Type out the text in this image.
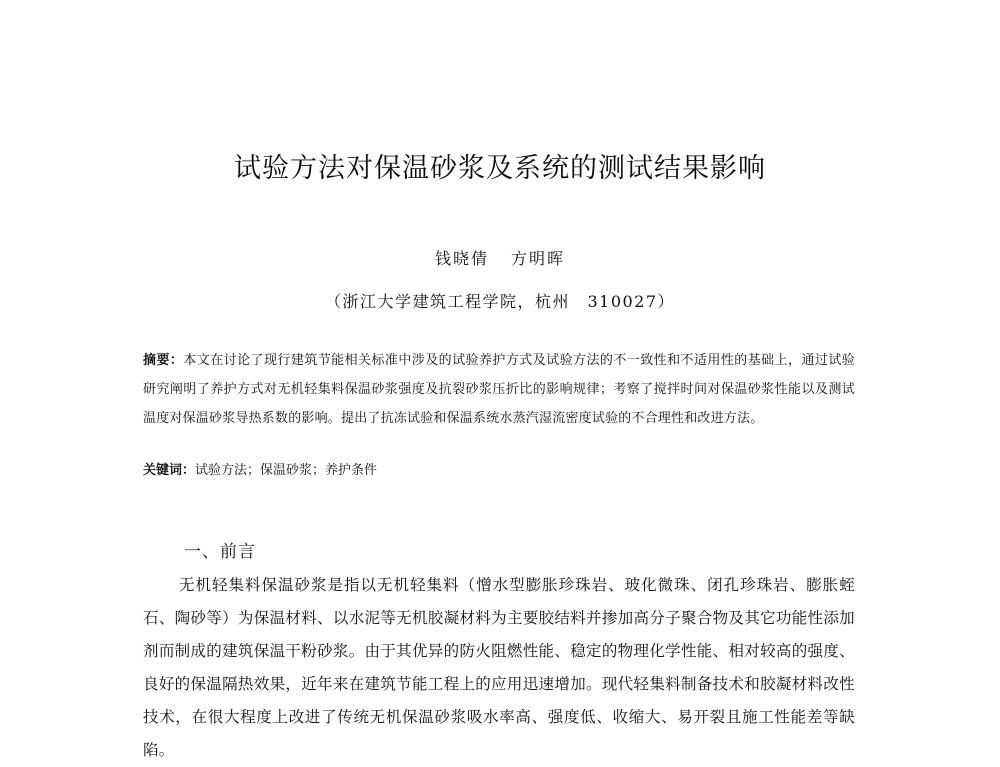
试验方法对保温砂浆及系统的测试结果影响
钱晓倩 方明晖
（浙江大学建筑工程学院，杭州　310027）
摘要：本文在讨论了现行建筑节能相关标准中涉及的试验养护方式及试验方法的不一致性和不适用性的基础上，通过试验研究阐明了养护方式对无机轻集料保温砂浆强度及抗裂砂浆压折比的影响规律；考察了搅拌时间对保温砂浆性能以及测试温度对保温砂浆导热系数的影响。提出了抗冻试验和保温系统水蒸汽湿流密度试验的不合理性和改进方法。
关键词：试验方法；保温砂浆；养护条件
一、前言
无机轻集料保温砂浆是指以无机轻集料（憎水型膨胀珍珠岩、玻化微珠、闭孔珍珠岩、膨胀蛭石、陶砂等）为保温材料、以水泥等无机胶凝材料为主要胶结料并掺加高分子聚合物及其它功能性添加剂而制成的建筑保温干粉砂浆。由于其优异的防火阻燃性能、稳定的物理化学性能、相对较高的强度、良好的保温隔热效果，近年来在建筑节能工程上的应用迅速增加。现代轻集料制备技术和胶凝材料改性技术，在很大程度上改进了传统无机保温砂浆吸水率高、强度低、收缩大、易开裂且施工性能差等缺陷。
